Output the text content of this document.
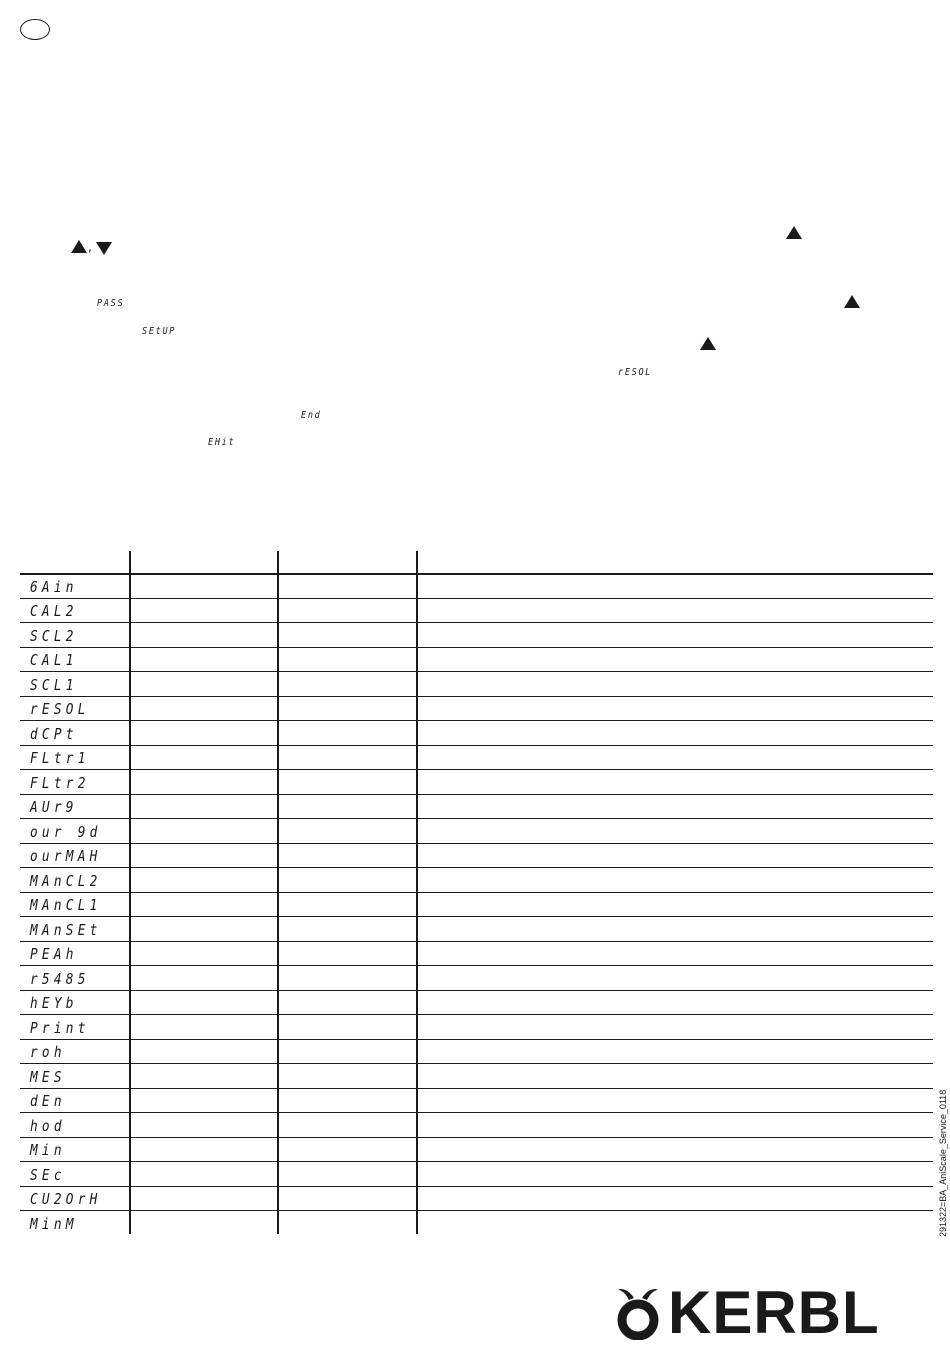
,
PASS
SEtUP
rESOL
End
EHit
6Ain
CAL2
SCL2
CAL1
SCL1
rESOL
dCPt
FLtr1
FLtr2
AUr9
our 9d
ourMAH
MAnCL2
MAnCL1
MAnSEt
PEAh
r5485
hEYb
Print
roh
MES
dEn
hod
Min
SEc
CU2OrH
MinM	291322=BA_AniScale_Service_0118
KERBL
